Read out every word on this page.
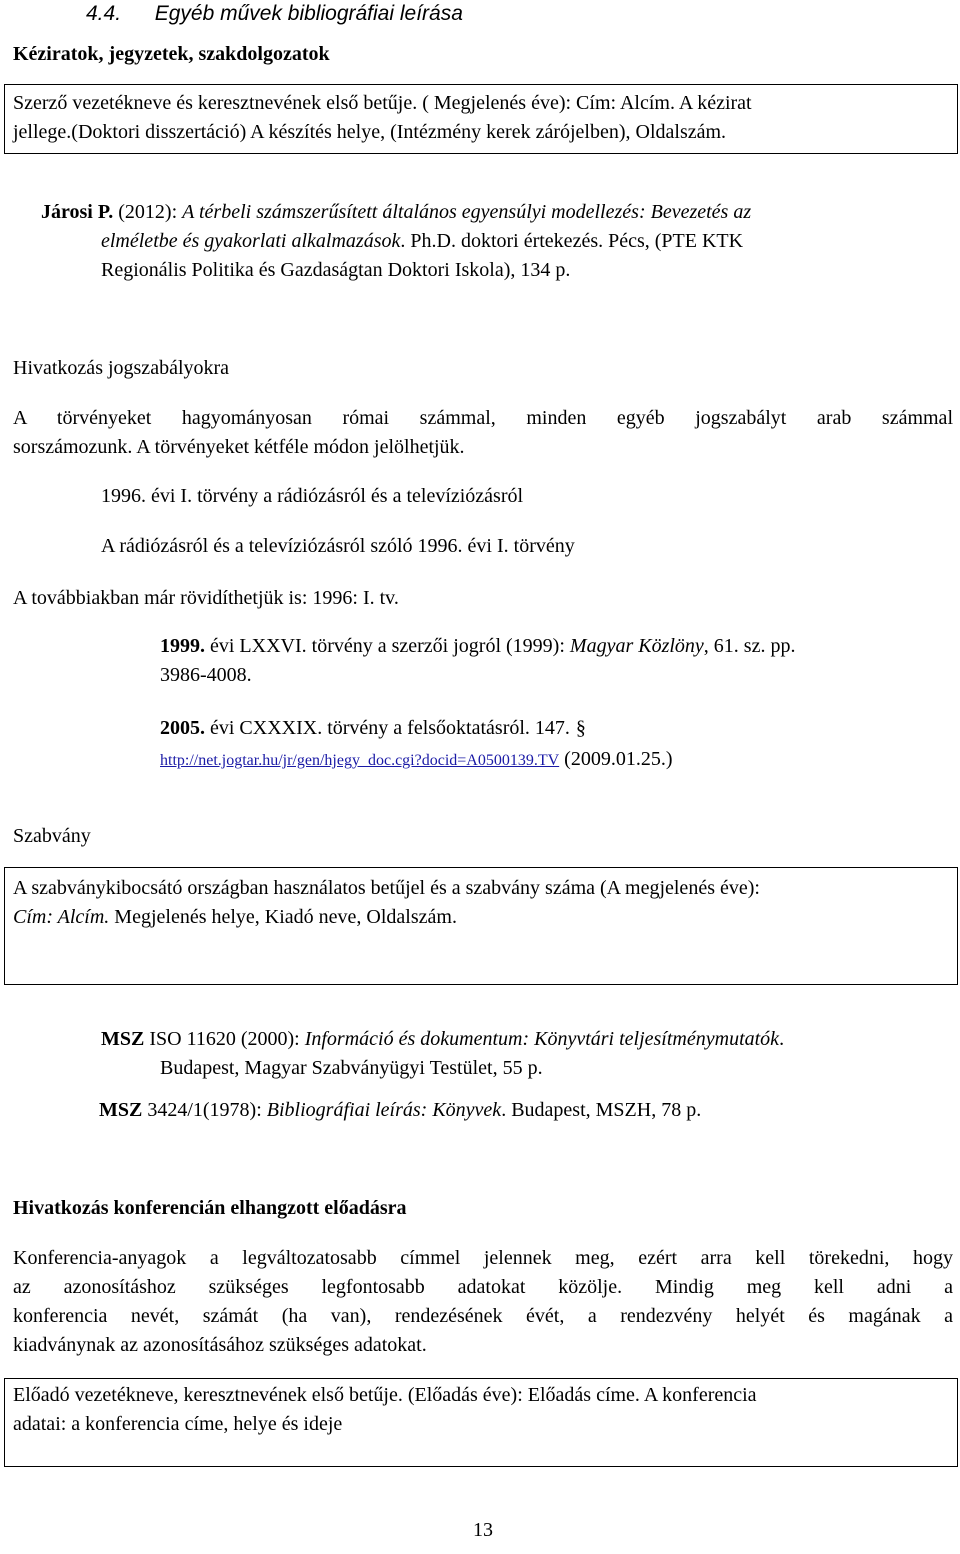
4.4. Egyéb művek bibliográfiai leírása
Kéziratok, jegyzetek, szakdolgozatok
Szerző vezetékneve és keresztnevének első betűje. ( Megjelenés éve): Cím: Alcím. A kézirat
jellege.(Doktori disszertáció) A készítés helye, (Intézmény kerek zárójelben), Oldalszám.
Járosi P. (2012): A térbeli számszerűsített általános egyensúlyi modellezés: Bevezetés az
elméletbe és gyakorlati alkalmazások. Ph.D. doktori értekezés. Pécs, (PTE KTK
Regionális Politika és Gazdaságtan Doktori Iskola), 134 p.
Hivatkozás jogszabályokra
A törvényeket hagyományosan római számmal, minden egyéb jogszabályt arab számmal
sorszámozunk. A törvényeket kétféle módon jelölhetjük.
1996. évi I. törvény a rádiózásról és a televíziózásról
A rádiózásról és a televíziózásról szóló 1996. évi I. törvény
A továbbiakban már rövidíthetjük is: 1996: I. tv.
1999. évi LXXVI. törvény a szerzői jogról (1999): Magyar Közlöny, 61. sz. pp.
3986-4008.
2005. évi CXXXIX. törvény a felsőoktatásról. 147. §
http://net.jogtar.hu/jr/gen/hjegy_doc.cgi?docid=A0500139.TV (2009.01.25.)
Szabvány
A szabványkibocsátó országban használatos betűjel és a szabvány száma (A megjelenés éve):
Cím: Alcím. Megjelenés helye, Kiadó neve, Oldalszám.
MSZ ISO 11620 (2000): Információ és dokumentum: Könyvtári teljesítménymutatók.
Budapest, Magyar Szabványügyi Testület, 55 p.
MSZ 3424/1(1978): Bibliográfiai leírás: Könyvek. Budapest, MSZH, 78 p.
Hivatkozás konferencián elhangzott előadásra
Konferencia-anyagok a legváltozatosabb címmel jelennek meg, ezért arra kell törekedni, hogy
az azonosításhoz szükséges legfontosabb adatokat közölje. Mindig meg kell adni a
konferencia nevét, számát (ha van), rendezésének évét, a rendezvény helyét és magának a
kiadványnak az azonosításához szükséges adatokat.
Előadó vezetékneve, keresztnevének első betűje. (Előadás éve): Előadás címe. A konferencia
adatai: a konferencia címe, helye és ideje
13
